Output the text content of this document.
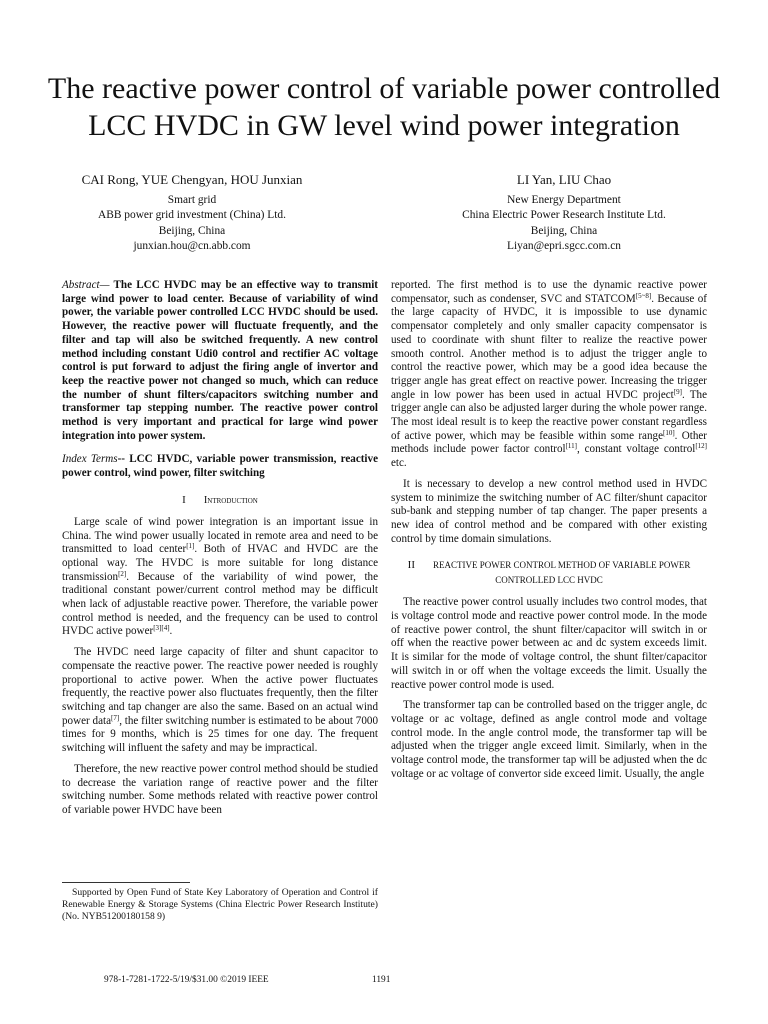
The reactive power control of variable power controlled LCC HVDC in GW level wind power integration
CAI Rong, YUE Chengyan, HOU Junxian
Smart grid
ABB power grid investment (China) Ltd.
Beijing, China
junxian.hou@cn.abb.com
LI Yan, LIU Chao
New Energy Department
China Electric Power Research Institute Ltd.
Beijing, China
Liyan@epri.sgcc.com.cn

Abstract— The LCC HVDC may be an effective way to transmit large wind power to load center. Because of variability of wind power, the variable power controlled LCC HVDC should be used. However, the reactive power will fluctuate frequently, and the filter and tap will also be switched frequently. A new control method including constant Udi0 control and rectifier AC voltage control is put forward to adjust the firing angle of invertor and keep the reactive power not changed so much, which can reduce the number of shunt filters/capacitors switching number and transformer tap stepping number. The reactive power control method is very important and practical for large wind power integration into power system.

Index Terms-- LCC HVDC, variable power transmission, reactive power control, wind power, filter switching

I Introduction

Large scale of wind power integration is an important issue in China. The wind power usually located in remote area and need to be transmitted to load center[1]. Both of HVAC and HVDC are the optional way. The HVDC is more suitable for long distance transmission[2]. Because of the variability of wind power, the traditional constant power/current control method may be difficult when lack of adjustable reactive power. Therefore, the variable power control method is needed, and the frequency can be used to control HVDC active power[3][4].

The HVDC need large capacity of filter and shunt capacitor to compensate the reactive power. The reactive power needed is roughly proportional to active power. When the active power fluctuates frequently, the reactive power also fluctuates frequently, then the filter switching and tap changer are also the same. Based on an actual wind power data[7], the filter switching number is estimated to be about 7000 times for 9 months, which is 25 times for one day. The frequent switching will influent the safety and may be impractical.

Therefore, the new reactive power control method should be studied to decrease the variation range of reactive power and the filter switching number. Some methods related with reactive power control of variable power HVDC have been

reported. The first method is to use the dynamic reactive power compensator, such as condenser, SVC and STATCOM[5~8]. Because of the large capacity of HVDC, it is impossible to use dynamic compensator completely and only smaller capacity compensator is used to coordinate with shunt filter to realize the reactive power smooth control. Another method is to adjust the trigger angle to control the reactive power, which may be a good idea because the trigger angle has great effect on reactive power. Increasing the trigger angle in low power has been used in actual HVDC project[9]. The trigger angle can also be adjusted larger during the whole power range. The most ideal result is to keep the reactive power constant regardless of active power, which may be feasible within some range[10]. Other methods include power factor control[11], constant voltage control[12] etc.

It is necessary to develop a new control method used in HVDC system to minimize the switching number of AC filter/shunt capacitor sub-bank and stepping number of tap changer. The paper presents a new idea of control method and be compared with other existing control by time domain simulations.

II REACTIVE POWER CONTROL METHOD OF VARIABLE POWER CONTROLLED LCC HVDC

The reactive power control usually includes two control modes, that is voltage control mode and reactive power control mode. In the mode of reactive power control, the shunt filter/capacitor will switch in or off when the reactive power between ac and dc system exceeds limit. It is similar for the mode of voltage control, the shunt filter/capacitor will switch in or off when the voltage exceeds the limit. Usually the reactive power control mode is used.

The transformer tap can be controlled based on the trigger angle, dc voltage or ac voltage, defined as angle control mode and voltage control mode. In the angle control mode, the transformer tap will be adjusted when the trigger angle exceed limit. Similarly, when in the voltage control mode, the transformer tap will be adjusted when the dc voltage or ac voltage of convertor side exceed limit. Usually, the angle

Supported by Open Fund of State Key Laboratory of Operation and Control if Renewable Energy & Storage Systems (China Electric Power Research Institute) (No. NYB51200180158 9)
978-1-7281-1722-5/19/$31.00 ©2019 IEEE	1191
